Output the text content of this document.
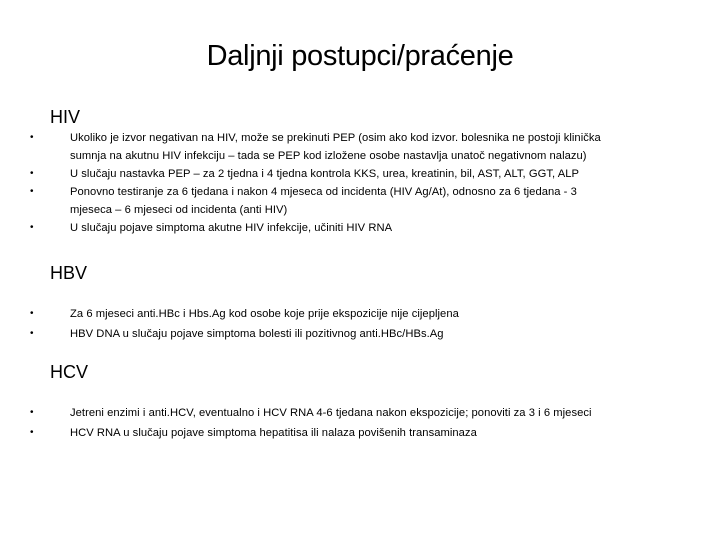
Daljnji postupci/praćenje
HIV
•	Ukoliko je izvor negativan na HIV, može se prekinuti PEP (osim ako kod izvor. bolesnika ne postoji klinička
sumnja na akutnu HIV infekciju – tada se PEP kod izložene osobe nastavlja unatoč negativnom nalazu)
•	U slučaju nastavka PEP – za 2 tjedna i 4 tjedna kontrola KKS, urea, kreatinin, bil, AST, ALT, GGT, ALP
•	Ponovno testiranje za 6 tjedana i nakon 4 mjeseca od incidenta (HIV Ag/At), odnosno za 6 tjedana - 3
mjeseca – 6 mjeseci od incidenta (anti HIV)
•	U slučaju pojave simptoma akutne HIV infekcije, učiniti HIV RNA
HBV
•	Za 6 mjeseci anti.HBc i Hbs.Ag kod osobe koje prije ekspozicije nije cijepljena
•	HBV DNA u slučaju pojave simptoma bolesti ili pozitivnog anti.HBc/HBs.Ag
HCV
•	Jetreni enzimi i anti.HCV, eventualno i HCV RNA 4-6 tjedana nakon ekspozicije; ponoviti za 3 i 6 mjeseci
•	HCV RNA u slučaju pojave simptoma hepatitisa ili nalaza povišenih transaminaza
